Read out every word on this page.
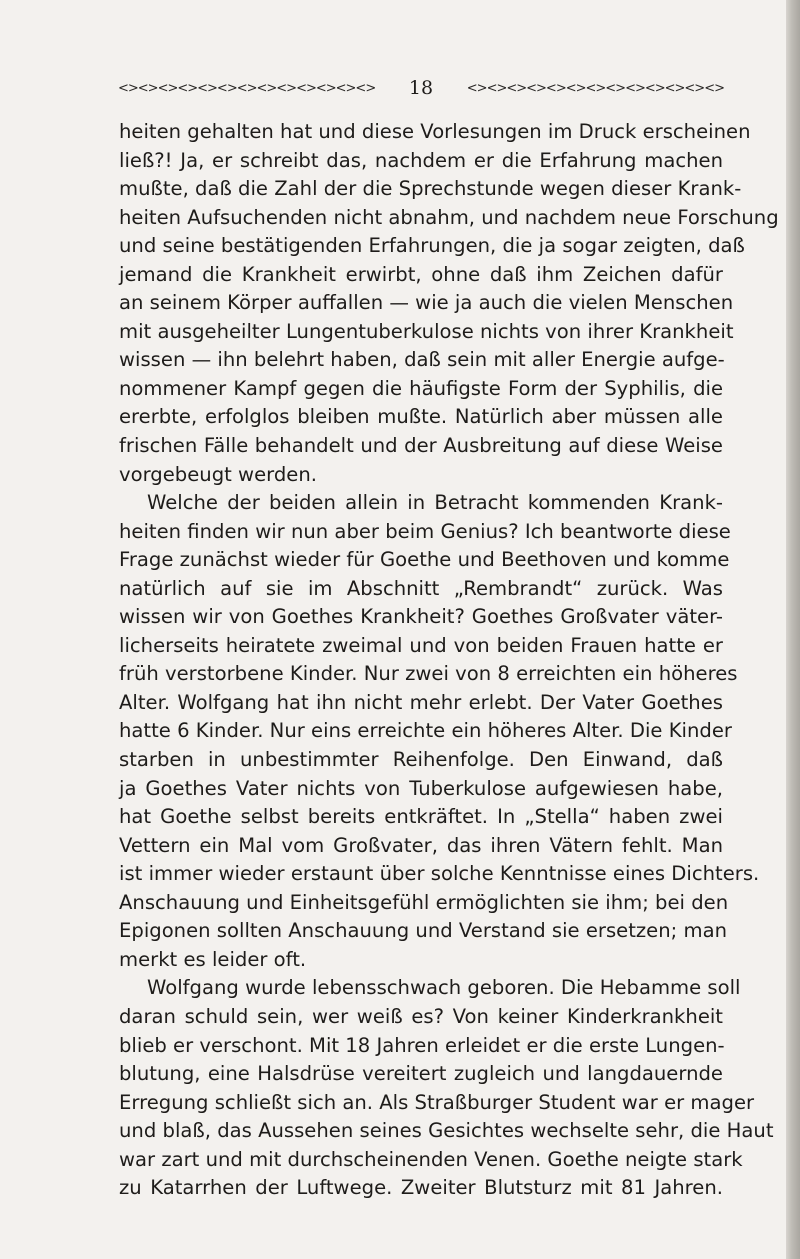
<><><><><><><><><><><><><> 18	<><><><><><><><><><><><><>
heiten gehalten hat und diese Vorlesungen im Druck erscheinen
ließ?! Ja, er schreibt das, nachdem er die Erfahrung machen
mußte, daß die Zahl der die Sprechstunde wegen dieser Krank-
heiten Aufsuchenden nicht abnahm, und nachdem neue Forschung
und seine bestätigenden Erfahrungen, die ja sogar zeigten, daß
jemand die Krankheit erwirbt, ohne daß ihm Zeichen dafür
an seinem Körper auffallen — wie ja auch die vielen Menschen
mit ausgeheilter Lungentuberkulose nichts von ihrer Krankheit
wissen — ihn belehrt haben, daß sein mit aller Energie aufge-
nommener Kampf gegen die häufigste Form der Syphilis, die
ererbte, erfolglos bleiben mußte. Natürlich aber müssen alle
frischen Fälle behandelt und der Ausbreitung auf diese Weise
vorgebeugt werden.
Welche der beiden allein in Betracht kommenden Krank-
heiten finden wir nun aber beim Genius? Ich beantworte diese
Frage zunächst wieder für Goethe und Beethoven und komme
natürlich auf sie im Abschnitt „Rembrandt“ zurück. Was
wissen wir von Goethes Krankheit? Goethes Großvater väter-
licherseits heiratete zweimal und von beiden Frauen hatte er
früh verstorbene Kinder. Nur zwei von 8 erreichten ein höheres
Alter. Wolfgang hat ihn nicht mehr erlebt. Der Vater Goethes
hatte 6 Kinder. Nur eins erreichte ein höheres Alter. Die Kinder
starben in unbestimmter Reihenfolge. Den Einwand, daß
ja Goethes Vater nichts von Tuberkulose aufgewiesen habe,
hat Goethe selbst bereits entkräftet. In „Stella“ haben zwei
Vettern ein Mal vom Großvater, das ihren Vätern fehlt. Man
ist immer wieder erstaunt über solche Kenntnisse eines Dichters.
Anschauung und Einheitsgefühl ermöglichten sie ihm; bei den
Epigonen sollten Anschauung und Verstand sie ersetzen; man
merkt es leider oft.
Wolfgang wurde lebensschwach geboren. Die Hebamme soll
daran schuld sein, wer weiß es? Von keiner Kinderkrankheit
blieb er verschont. Mit 18 Jahren erleidet er die erste Lungen-
blutung, eine Halsdrüse vereitert zugleich und langdauernde
Erregung schließt sich an. Als Straßburger Student war er mager
und blaß, das Aussehen seines Gesichtes wechselte sehr, die Haut
war zart und mit durchscheinenden Venen. Goethe neigte stark
zu Katarrhen der Luftwege. Zweiter Blutsturz mit 81 Jahren.
